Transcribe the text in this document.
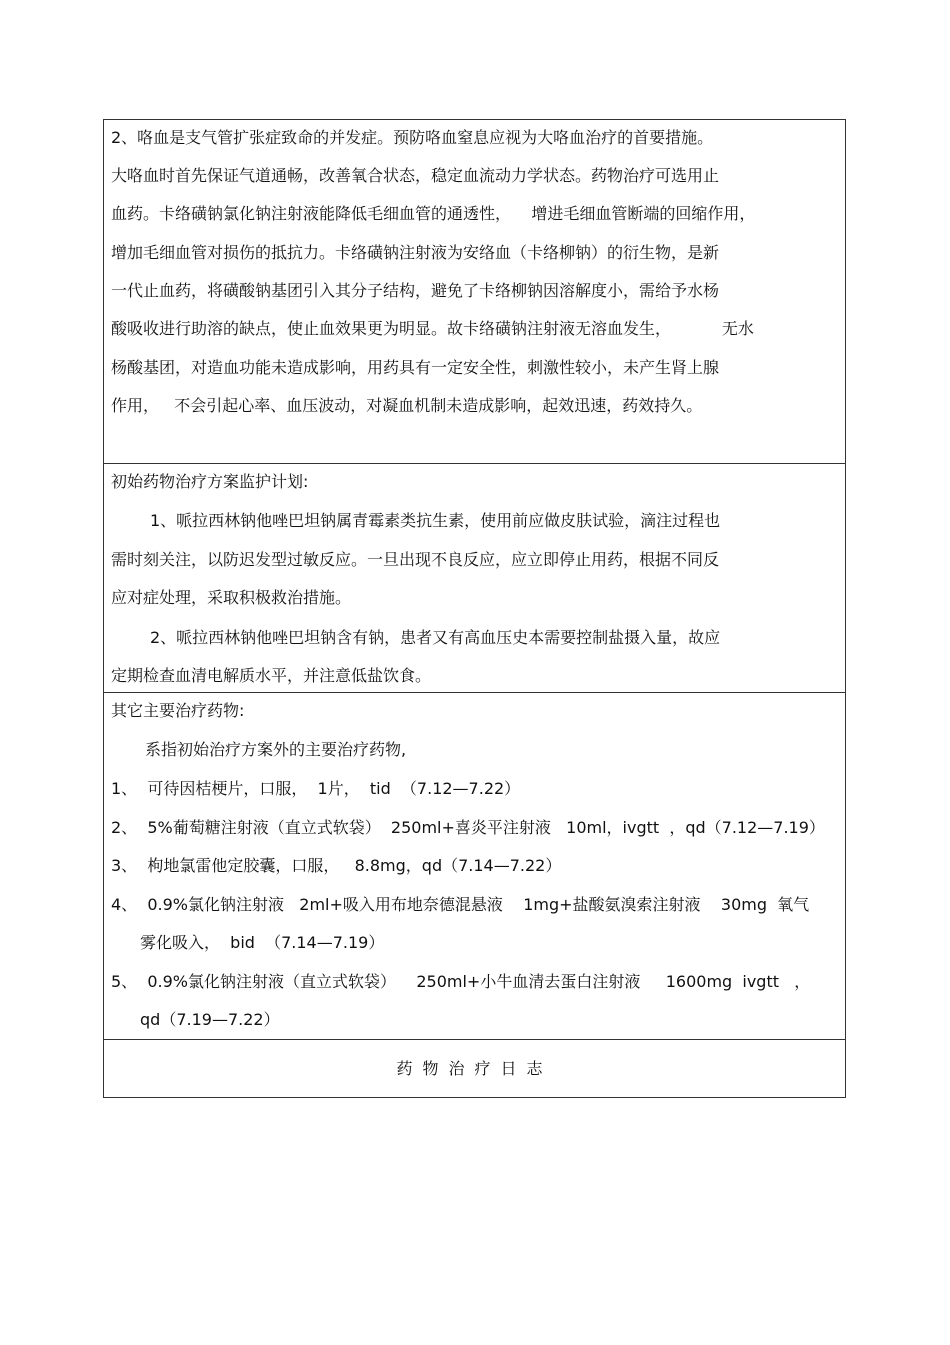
2、咯血是支气管扩张症致命的并发症。预防咯血窒息应视为大咯血治疗的首要措施。
大咯血时首先保证气道通畅，改善氧合状态，稳定血流动力学状态。药物治疗可选用止
血药。卡络磺钠氯化钠注射液能降低毛细血管的通透性，    增进毛细血管断端的回缩作用，
增加毛细血管对损伤的抵抗力。卡络磺钠注射液为安络血（卡络柳钠）的衍生物，是新
一代止血药，将磺酸钠基团引入其分子结构，避免了卡络柳钠因溶解度小，需给予水杨
酸吸收进行助溶的缺点，使止血效果更为明显。故卡络磺钠注射液无溶血发生，          无水
杨酸基团，对造血功能未造成影响，用药具有一定安全性，刺激性较小，未产生肾上腺
作用，   不会引起心率、血压波动，对凝血机制未造成影响，起效迅速，药效持久。
初始药物治疗方案监护计划:
1、哌拉西林钠他唑巴坦钠属青霉素类抗生素，使用前应做皮肤试验，滴注过程也
需时刻关注，以防迟发型过敏反应。一旦出现不良反应，应立即停止用药，根据不同反
应对症处理，采取积极救治措施。
2、哌拉西林钠他唑巴坦钠含有钠，患者又有高血压史本需要控制盐摄入量，故应
定期检查血清电解质水平，并注意低盐饮食。
其它主要治疗药物:
系指初始治疗方案外的主要治疗药物,
1、  可待因桔梗片，口服，  1片，  tid  （7.12—7.22）
2、  5%葡萄糖注射液（直立式软袋）  250ml+喜炎平注射液   10ml，ivgtt  ，qd（7.12—7.19）
3、  枸地氯雷他定胶囊，口服，   8.8mg，qd（7.14—7.22）
4、  0.9%氯化钠注射液   2ml+吸入用布地奈德混悬液    1mg+盐酸氨溴索注射液    30mg  氧气
雾化吸入，  bid  （7.14—7.19）
5、  0.9%氯化钠注射液（直立式软袋）    250ml+小牛血清去蛋白注射液     1600mg  ivgtt   ，
qd（7.19—7.22）
药物治疗日志
